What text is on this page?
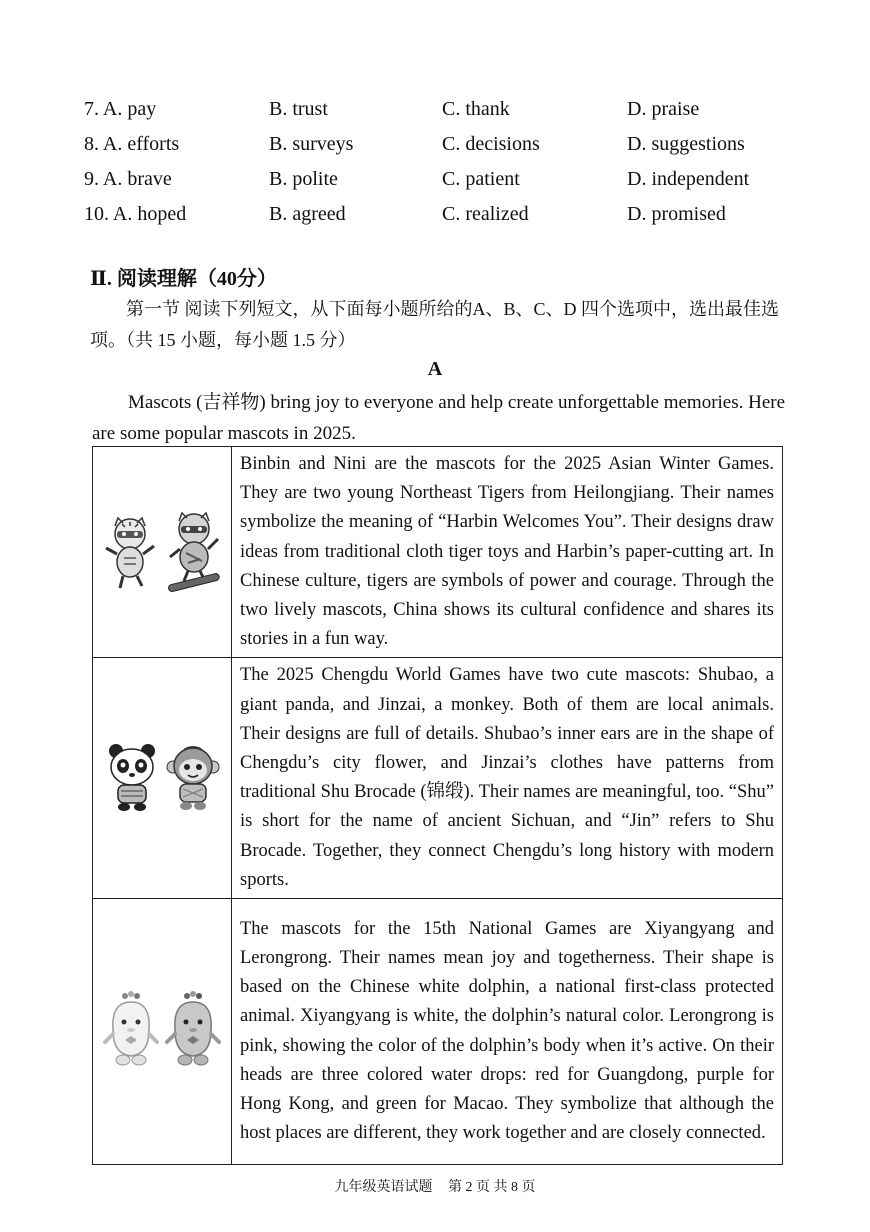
7. A. pay	B. trust	C. thank	D. praise
8. A. efforts	B. surveys	C. decisions	D. suggestions
9. A. brave	B. polite	C. patient	D. independent
10. A. hoped	B. agreed	C. realized	D. promised
Ⅱ. 阅读理解（40分）
第一节 阅读下列短文，从下面每小题所给的A、B、C、D 四个选项中，选出最佳选项。（共 15 小题，每小题 1.5 分）
A
Mascots (吉祥物) bring joy to everyone and help create unforgettable memories. Here are some popular mascots in 2025.
	Binbin and Nini are the mascots for the 2025 Asian Winter Games. They are two young Northeast Tigers from Heilongjiang. Their names symbolize the meaning of “Harbin Welcomes You”. Their designs draw ideas from traditional cloth tiger toys and Harbin’s paper-cutting art. In Chinese culture, tigers are symbols of power and courage. Through the two lively mascots, China shows its cultural confidence and shares its stories in a fun way.

	The 2025 Chengdu World Games have two cute mascots: Shubao, a giant panda, and Jinzai, a monkey. Both of them are local animals. Their designs are full of details. Shubao’s inner ears are in the shape of Chengdu’s city flower, and Jinzai’s clothes have patterns from traditional Shu Brocade (锦缎). Their names are meaningful, too. “Shu” is short for the name of ancient Sichuan, and “Jin” refers to Shu Brocade. Together, they connect Chengdu’s long history with modern sports.

	The mascots for the 15th National Games are Xiyangyang and Lerongrong. Their names mean joy and togetherness. Their shape is based on the Chinese white dolphin, a national first-class protected animal. Xiyangyang is white, the dolphin’s natural color. Lerongrong is pink, showing the color of the dolphin’s body when it’s active. On their heads are three colored water drops: red for Guangdong, purple for Hong Kong, and green for Macao. They symbolize that although the host places are different, they work together and are closely connected.
九年级英语试题 第 2 页 共 8 页
